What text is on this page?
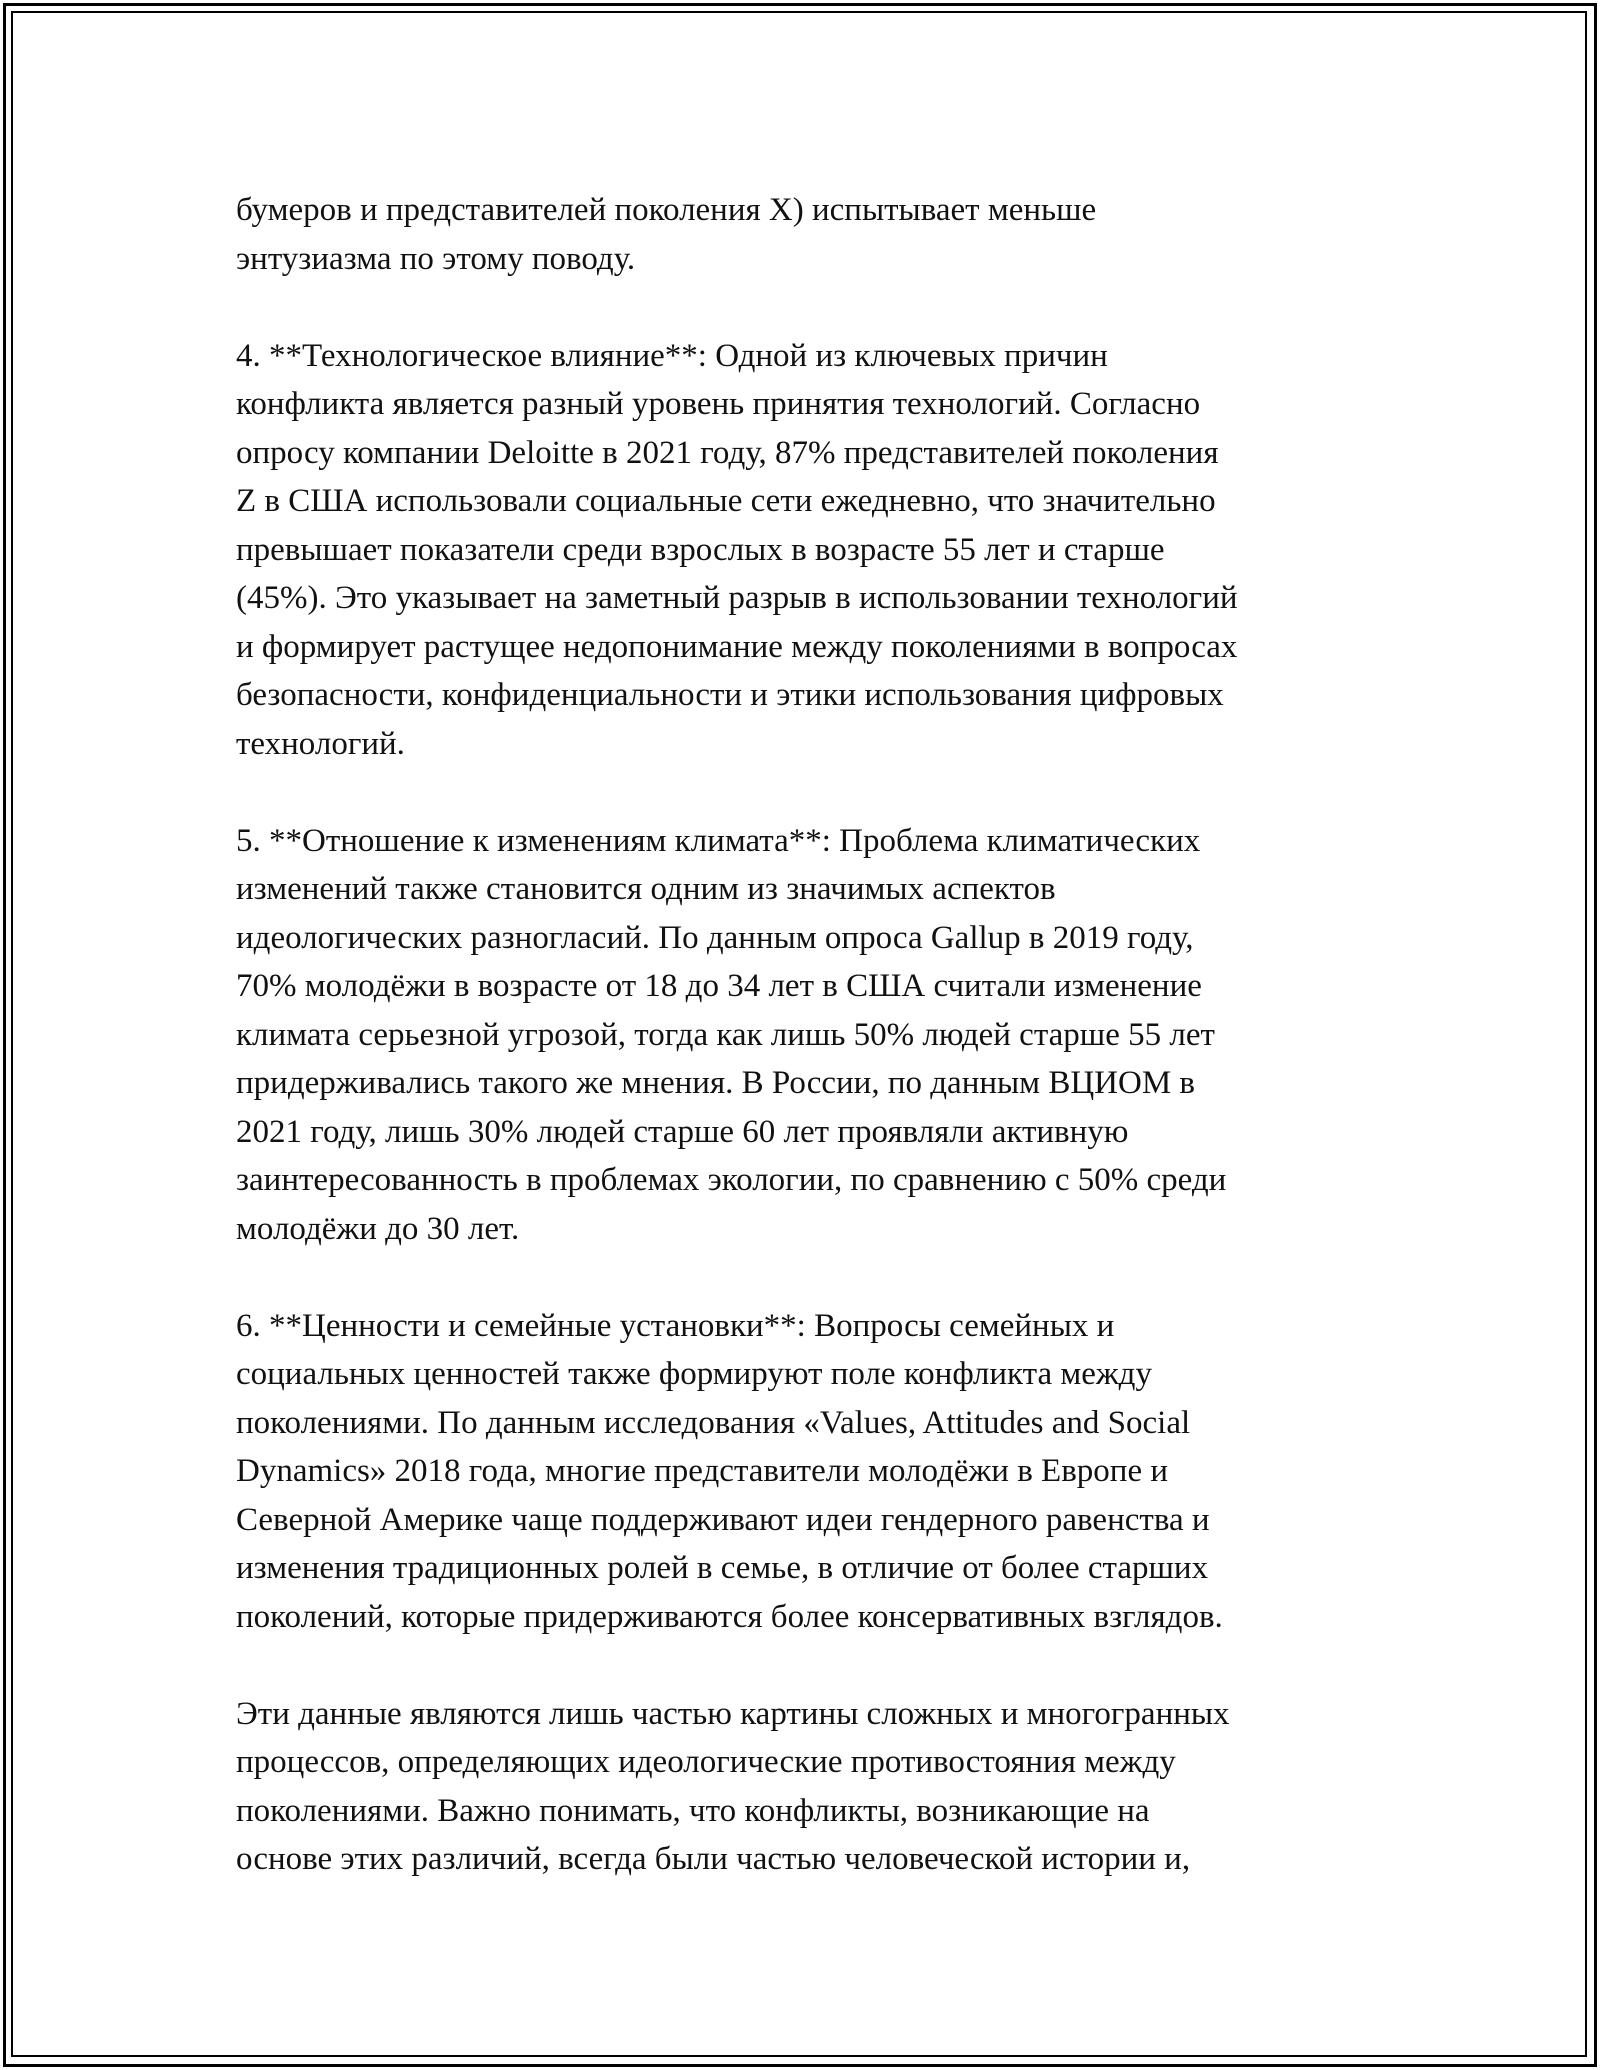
бумеров и представителей поколения X) испытывает меньше
энтузиазма по этому поводу.

4. **Технологическое влияние**: Одной из ключевых причин
конфликта является разный уровень принятия технологий. Согласно
опросу компании Deloitte в 2021 году, 87% представителей поколения
Z в США использовали социальные сети ежедневно, что значительно
превышает показатели среди взрослых в возрасте 55 лет и старше
(45%). Это указывает на заметный разрыв в использовании технологий
и формирует растущее недопонимание между поколениями в вопросах
безопасности, конфиденциальности и этики использования цифровых
технологий.

5. **Отношение к изменениям климата**: Проблема климатических
изменений также становится одним из значимых аспектов
идеологических разногласий. По данным опроса Gallup в 2019 году,
70% молодёжи в возрасте от 18 до 34 лет в США считали изменение
климата серьезной угрозой, тогда как лишь 50% людей старше 55 лет
придерживались такого же мнения. В России, по данным ВЦИОМ в
2021 году, лишь 30% людей старше 60 лет проявляли активную
заинтересованность в проблемах экологии, по сравнению с 50% среди
молодёжи до 30 лет.

6. **Ценности и семейные установки**: Вопросы семейных и
социальных ценностей также формируют поле конфликта между
поколениями. По данным исследования «Values, Attitudes and Social
Dynamics» 2018 года, многие представители молодёжи в Европе и
Северной Америке чаще поддерживают идеи гендерного равенства и
изменения традиционных ролей в семье, в отличие от более старших
поколений, которые придерживаются более консервативных взглядов.

Эти данные являются лишь частью картины сложных и многогранных
процессов, определяющих идеологические противостояния между
поколениями. Важно понимать, что конфликты, возникающие на
основе этих различий, всегда были частью человеческой истории и,
